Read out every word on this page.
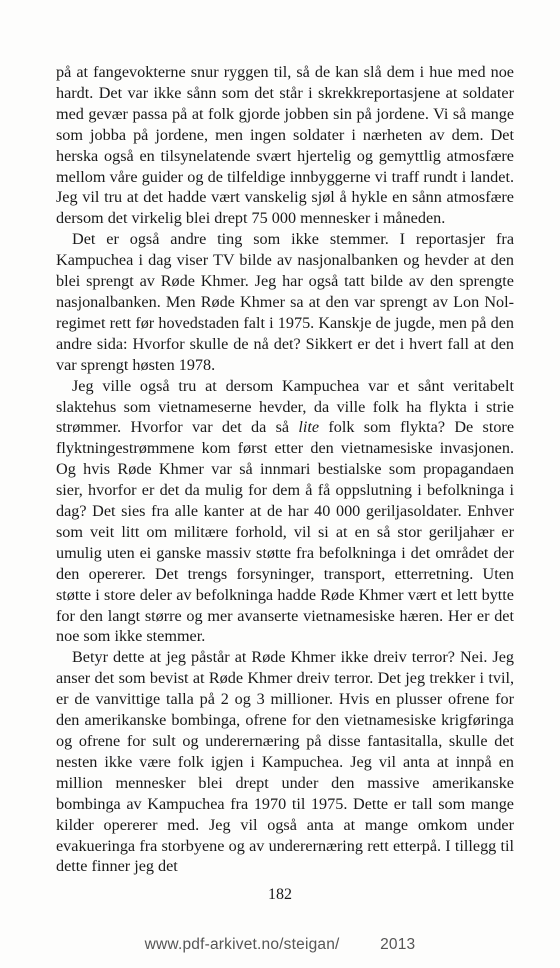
på at fangevokterne snur ryggen til, så de kan slå dem i hue med noe hardt. Det var ikke sånn som det står i skrekkreportasjene at soldater med gevær passa på at folk gjorde jobben sin på jordene. Vi så mange som jobba på jordene, men ingen soldater i nærheten av dem. Det herska også en tilsynelatende svært hjertelig og gemyttlig atmosfære mellom våre guider og de tilfeldige innbyggerne vi traff rundt i landet. Jeg vil tru at det hadde vært vanskelig sjøl å hykle en sånn atmosfære dersom det virkelig blei drept 75 000 mennesker i måneden.

Det er også andre ting som ikke stemmer. I reportasjer fra Kampuchea i dag viser TV bilde av nasjonalbanken og hevder at den blei sprengt av Røde Khmer. Jeg har også tatt bilde av den sprengte nasjonalbanken. Men Røde Khmer sa at den var sprengt av Lon Nol-regimet rett før hovedstaden falt i 1975. Kanskje de jugde, men på den andre sida: Hvorfor skulle de nå det? Sikkert er det i hvert fall at den var sprengt høsten 1978.

Jeg ville også tru at dersom Kampuchea var et sånt veritabelt slaktehus som vietnameserne hevder, da ville folk ha flykta i strie strømmer. Hvorfor var det da så lite folk som flykta? De store flyktningestrømmene kom først etter den vietnamesiske invasjonen. Og hvis Røde Khmer var så innmari bestialske som propagandaen sier, hvorfor er det da mulig for dem å få oppslutning i befolkninga i dag? Det sies fra alle kanter at de har 40 000 geriljasoldater. Enhver som veit litt om militære forhold, vil si at en så stor geriljahær er umulig uten ei ganske massiv støtte fra befolkninga i det området der den opererer. Det trengs forsyninger, transport, etterretning. Uten støtte i store deler av befolkninga hadde Røde Khmer vært et lett bytte for den langt større og mer avanserte vietnamesiske hæren. Her er det noe som ikke stemmer.

Betyr dette at jeg påstår at Røde Khmer ikke dreiv terror? Nei. Jeg anser det som bevist at Røde Khmer dreiv terror. Det jeg trekker i tvil, er de vanvittige talla på 2 og 3 millioner. Hvis en plusser ofrene for den amerikanske bombinga, ofrene for den vietnamesiske krigføringa og ofrene for sult og underernæring på disse fantasitalla, skulle det nesten ikke være folk igjen i Kampuchea. Jeg vil anta at innpå en million mennesker blei drept under den massive amerikanske bombinga av Kampuchea fra 1970 til 1975. Dette er tall som mange kilder opererer med. Jeg vil også anta at mange omkom under evakueringa fra storbyene og av underernæring rett etterpå. I tillegg til dette finner jeg det

182
www.pdf-arkivet.no/steigan/	2013
